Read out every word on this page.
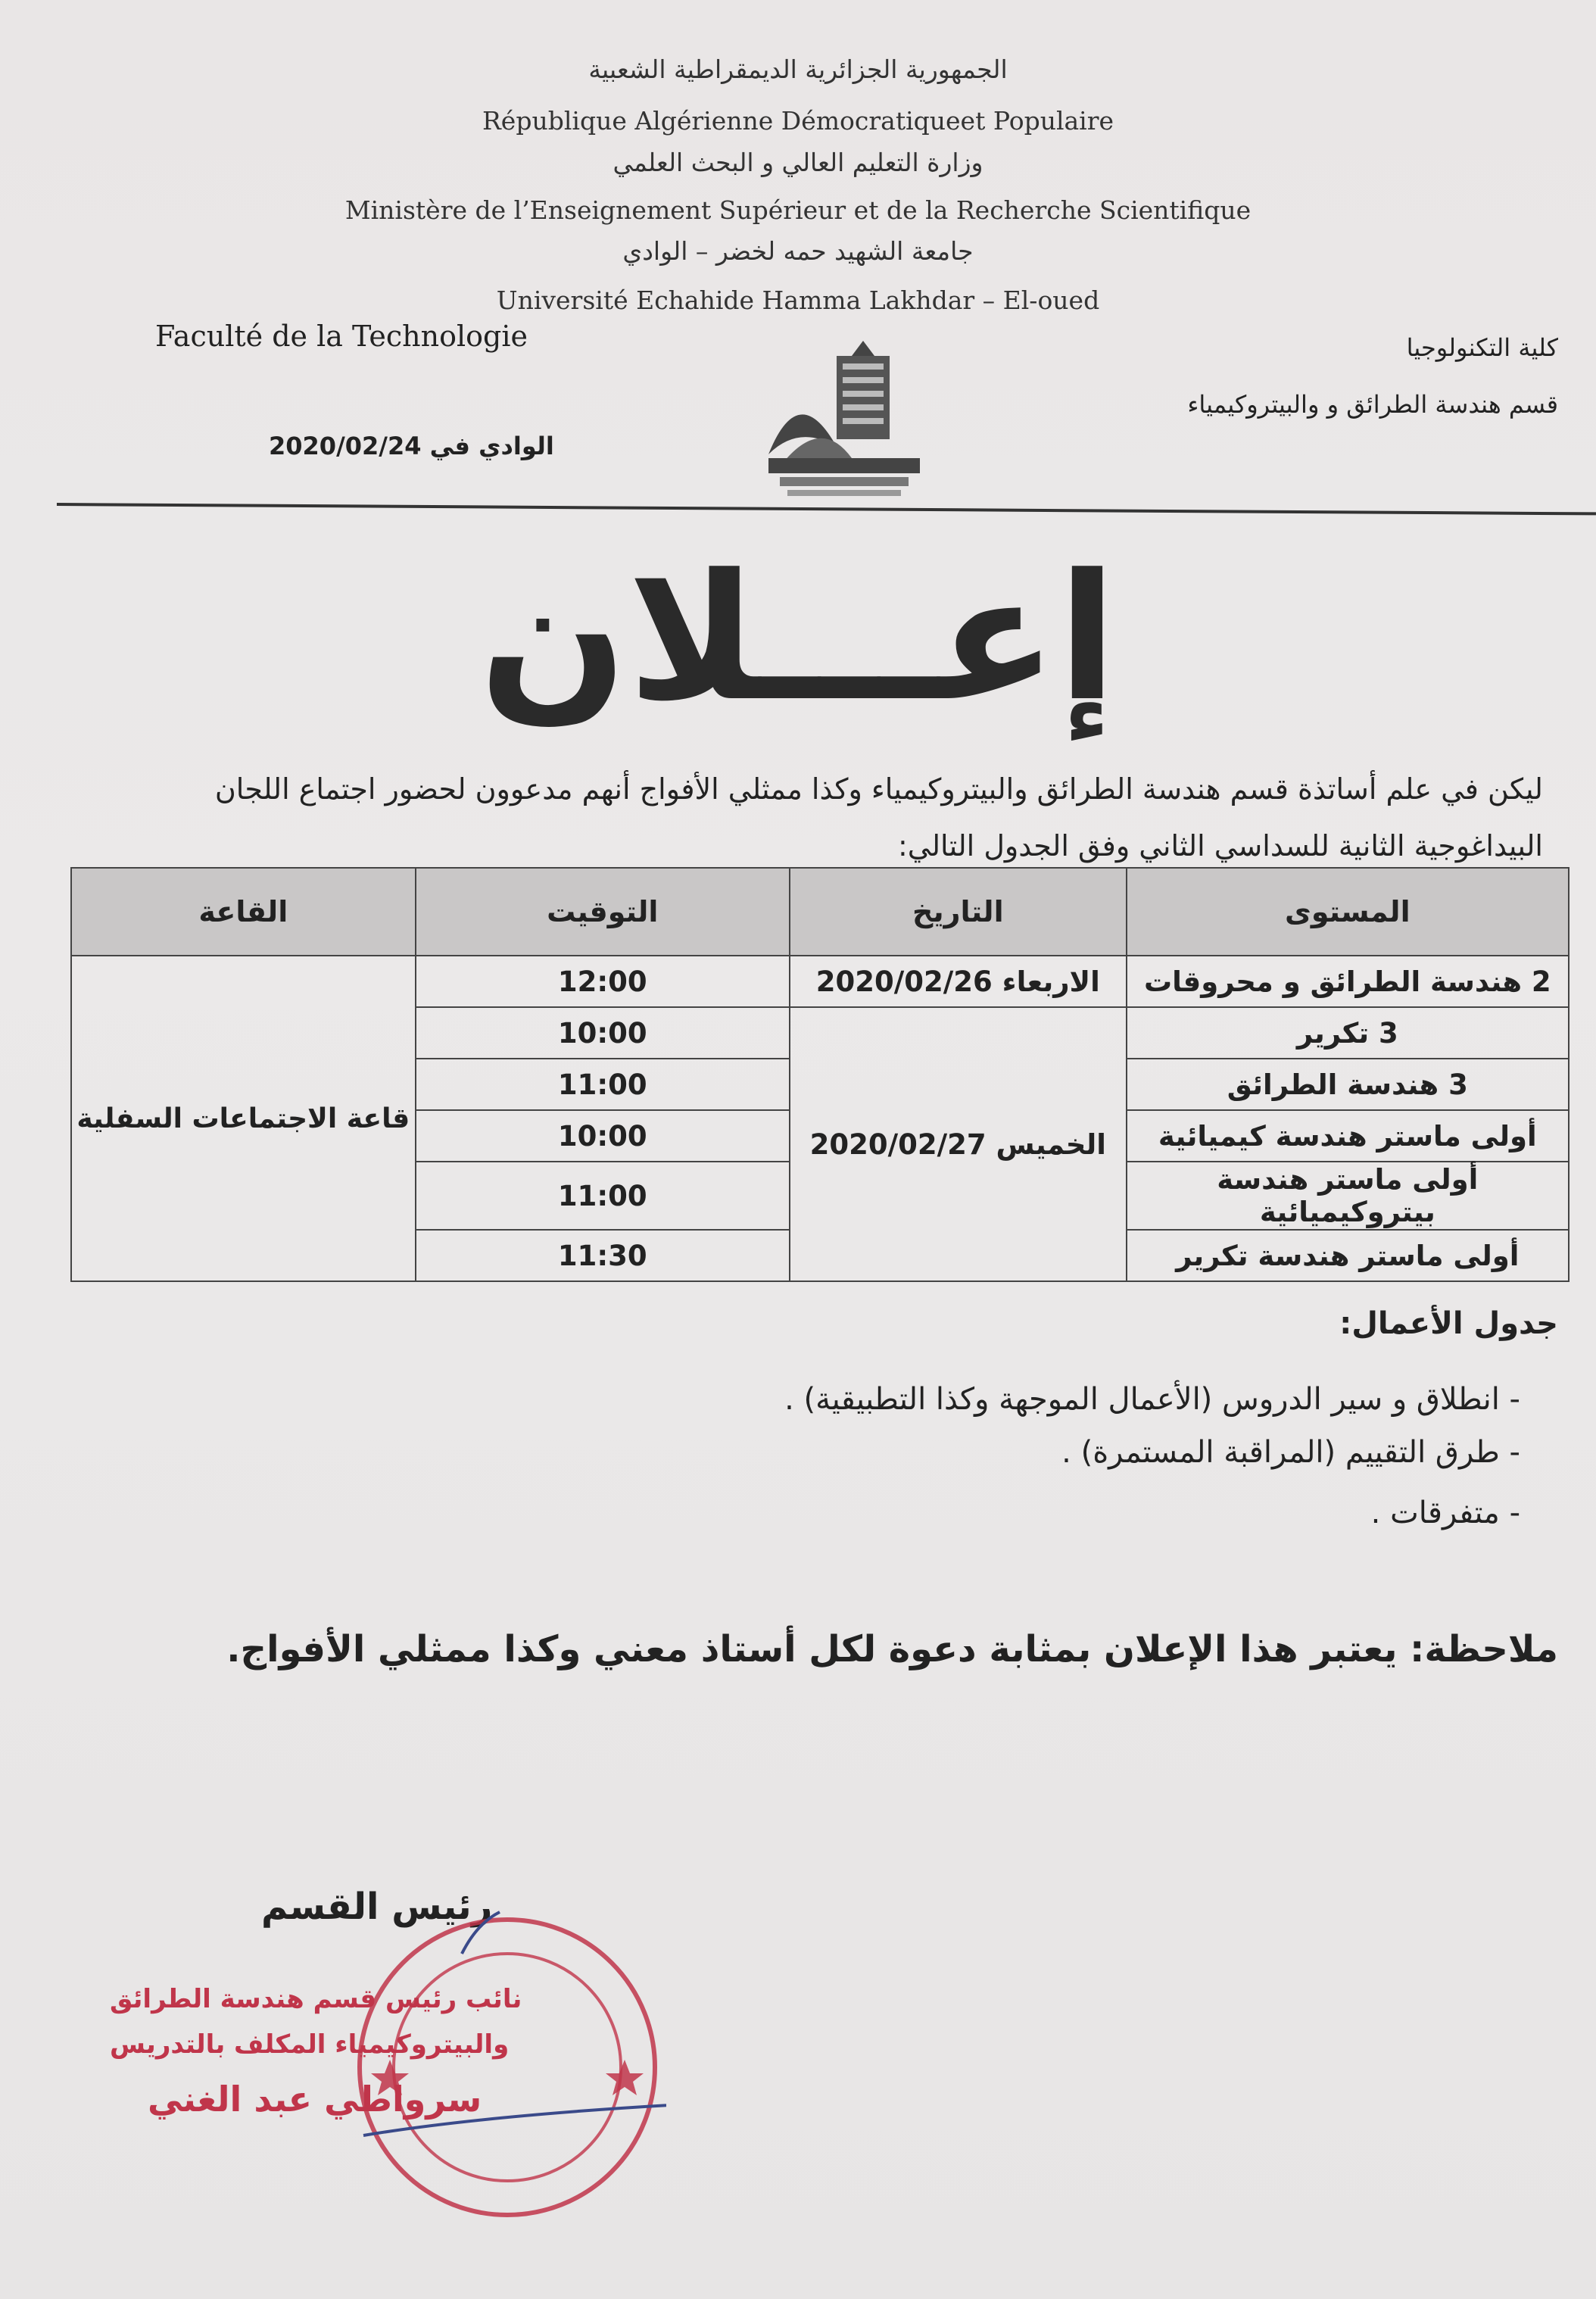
الجمهورية الجزائرية الديمقراطية الشعبية
République Algérienne Démocratiqueet Populaire
وزارة التعليم العالي و البحث العلمي
Ministère de l’Enseignement Supérieur et de la Recherche Scientifique
جامعة الشهيد حمه لخضر – الوادي
Université Echahide Hamma Lakhdar – El-oued
Faculté de la Technologie	كلية التكنولوجيا
قسم هندسة الطرائق و والبيتروكيمياء
الوادي في 2020/02/24
إعـــلان
ليكن في علم أساتذة قسم هندسة الطرائق والبيتروكيمياء وكذا ممثلي الأفواج أنهم مدعوون لحضور اجتماع اللجان
البيداغوجية الثانية للسداسي الثاني وفق الجدول التالي:
المستوى	التاريخ	التوقيت	القاعة
2 هندسة الطرائق و محروقات	الاربعاء 2020/02/26	12:00	قاعة الاجتماعات السفلية
3 تكرير	الخميس 2020/02/27	10:00	
3 هندسة الطرائق		11:00	
أولى ماستر هندسة كيميائية		10:00	
أولى ماستر هندسة بيتروكيميائية		11:00	
أولى ماستر هندسة تكرير		11:30	
جدول الأعمال:
- انطلاق و سير الدروس (الأعمال الموجهة وكذا التطبيقية) .
- طرق التقييم (المراقبة المستمرة) .
- متفرقات .
ملاحظة: يعتبر هذا الإعلان بمثابة دعوة لكل أستاذ معني وكذا ممثلي الأفواج.
رئيس القسم
نائب رئيس قسم هندسة الطرائق
والبيتروكيمياء المكلف بالتدريس
سرواطي عبد الغني
